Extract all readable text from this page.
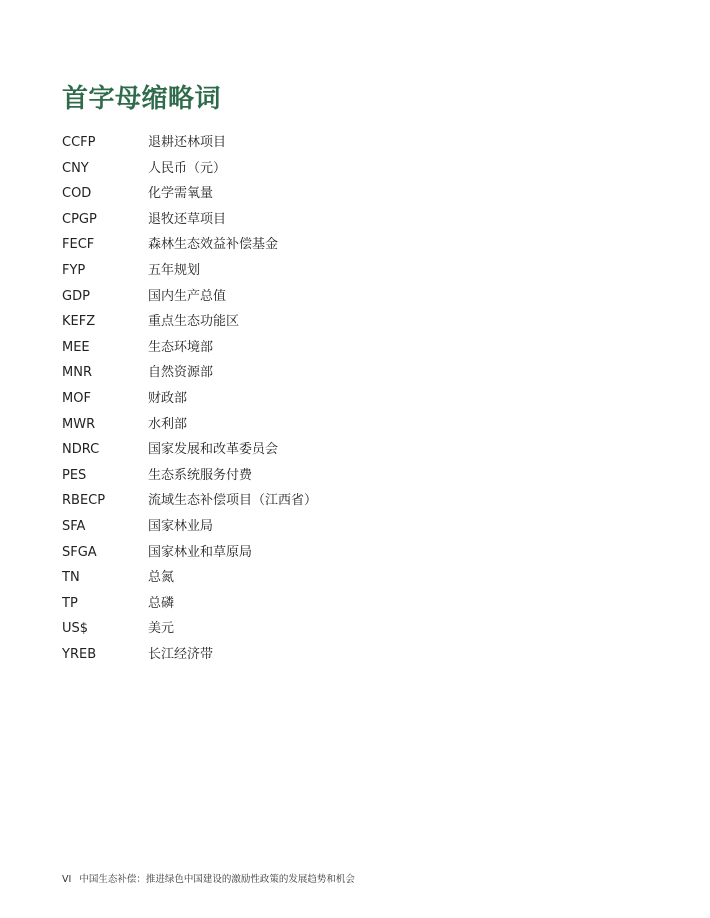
首字母缩略词
CCFP	退耕还林项目
CNY	人民币（元）
COD	化学需氧量
CPGP	退牧还草项目
FECF	森林生态效益补偿基金
FYP	五年规划
GDP	国内生产总值
KEFZ	重点生态功能区
MEE	生态环境部
MNR	自然资源部
MOF	财政部
MWR	水利部
NDRC	国家发展和改革委员会
PES	生态系统服务付费
RBECP	流域生态补偿项目（江西省）
SFA	国家林业局
SFGA	国家林业和草原局
TN	总氮
TP	总磷
US$	美元
YREB	长江经济带
VI 中国生态补偿：推进绿色中国建设的激励性政策的发展趋势和机会
